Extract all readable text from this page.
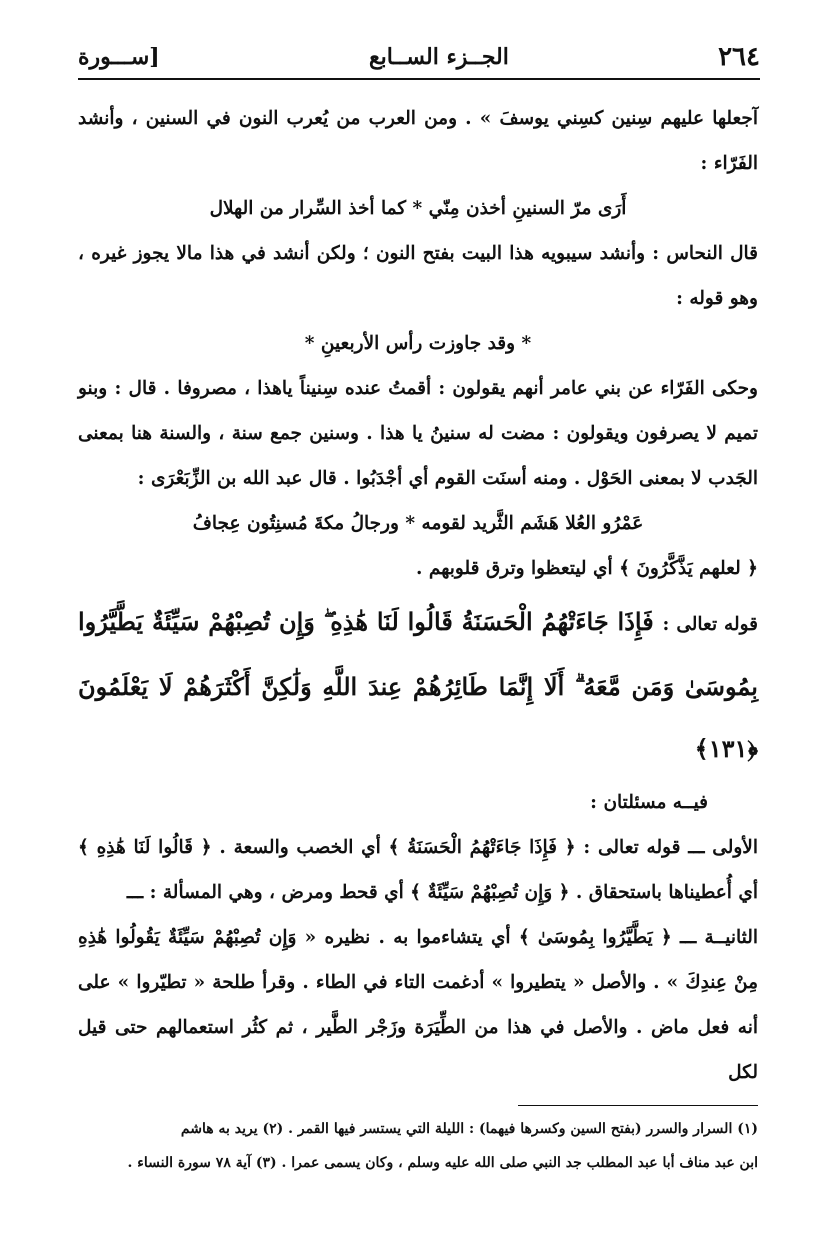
٢٦٤
الجــزء الســابع
[ســـورة

آجعلها عليهم سِنين كسِني يوسفَ » . ومن العرب من يُعرب النون في السنين ، وأنشد الفَرّاء :

أَرَى مرّ السنينِ أخذن مِنّي * كما أخذ السِّرار من الهلال

قال النحاس : وأنشد سيبويه هذا البيت بفتح النون ؛ ولكن أنشد في هذا مالا يجوز غيره ، وهو قوله :

* وقد جاوزت رأس الأربعينِ *

وحكى الفَرّاء عن بني عامر أنهم يقولون : أقمتُ عنده سِنيناً ياهذا ، مصروفا . قال : وبنو تميم لا يصرفون ويقولون : مضت له سنينُ يا هذا . وسنين جمع سنة ، والسنة هنا بمعنى الجَدب لا بمعنى الحَوْل . ومنه أسنَت القوم أي أجْدَبُوا . قال عبد الله بن الزِّبَعْرَى :

عَمْرُو العُلا هَشَم الثَّريد لقومه * ورجالُ مكةَ مُسنِتُون عِجافُ

﴿ لعلهم يَذَّكَّرُونَ ﴾ أي ليتعظوا وترق قلوبهم .

قوله تعالى : فَإِذَا جَاءَتْهُمُ الْحَسَنَةُ قَالُوا لَنَا هَٰذِهِ ۖ وَإِن تُصِبْهُمْ سَيِّئَةٌ يَطَّيَّرُوا بِمُوسَىٰ وَمَن مَّعَهُ ۗ أَلَا إِنَّمَا طَائِرُهُمْ عِندَ اللَّهِ وَلَٰكِنَّ أَكْثَرَهُمْ لَا يَعْلَمُونَ ﴿١٣١﴾

فيــه مسئلتان :

الأولى ـــ قوله تعالى : ﴿ فَإِذَا جَاءَتْهُمُ الْحَسَنَةُ ﴾ أي الخصب والسعة . ﴿ قَالُوا لَنَا هَٰذِهِ ﴾ أي أُعطيناها باستحقاق . ﴿ وَإِن تُصِبْهُمْ سَيِّئَةٌ ﴾ أي قحط ومرض ، وهي المسألة : ـــ

الثانيــة ـــ ﴿ يَطَّيَّرُوا بِمُوسَىٰ ﴾ أي يتشاءموا به . نظيره « وَإِن تُصِبْهُمْ سَيِّئَةٌ يَقُولُوا هَٰذِهِ مِنْ عِندِكَ » . والأصل « يتطيروا » أدغمت التاء في الطاء . وقرأ طلحة « تطيّروا » على أنه فعل ماض . والأصل في هذا من الطِّيَرَة وزَجْر الطَّير ، ثم كثُر استعمالهم حتى قيل لكل

(١) السرار والسرر (بفتح السين وكسرها فيهما) : الليلة التي يستسر فيها القمر . (٢) يريد به هاشم

ابن عبد مناف أبا عبد المطلب جد النبي صلى الله عليه وسلم ، وكان يسمى عمرا . (٣) آية ٧٨ سورة النساء .
